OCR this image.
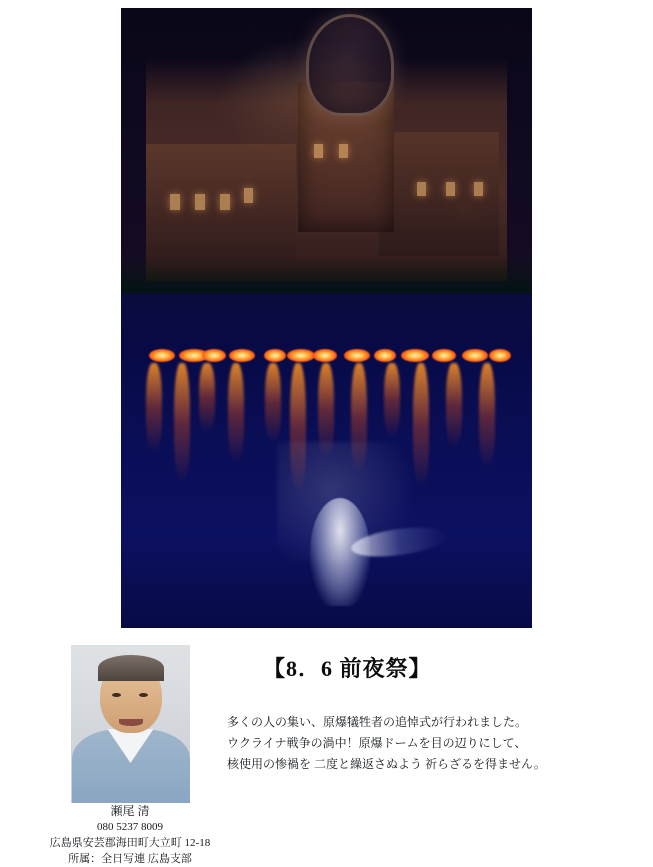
【8．6 前夜祭】
多くの人の集い、原爆犠牲者の追悼式が行われました。
ウクライナ戦争の渦中！原爆ドームを目の辺りにして、
核使用の惨禍を 二度と繰返さぬよう 祈らざるを得ません。
瀬尾 清
080 5237 8009
広島県安芸郡海田町大立町 12-18
所属：全日写連 広島支部
